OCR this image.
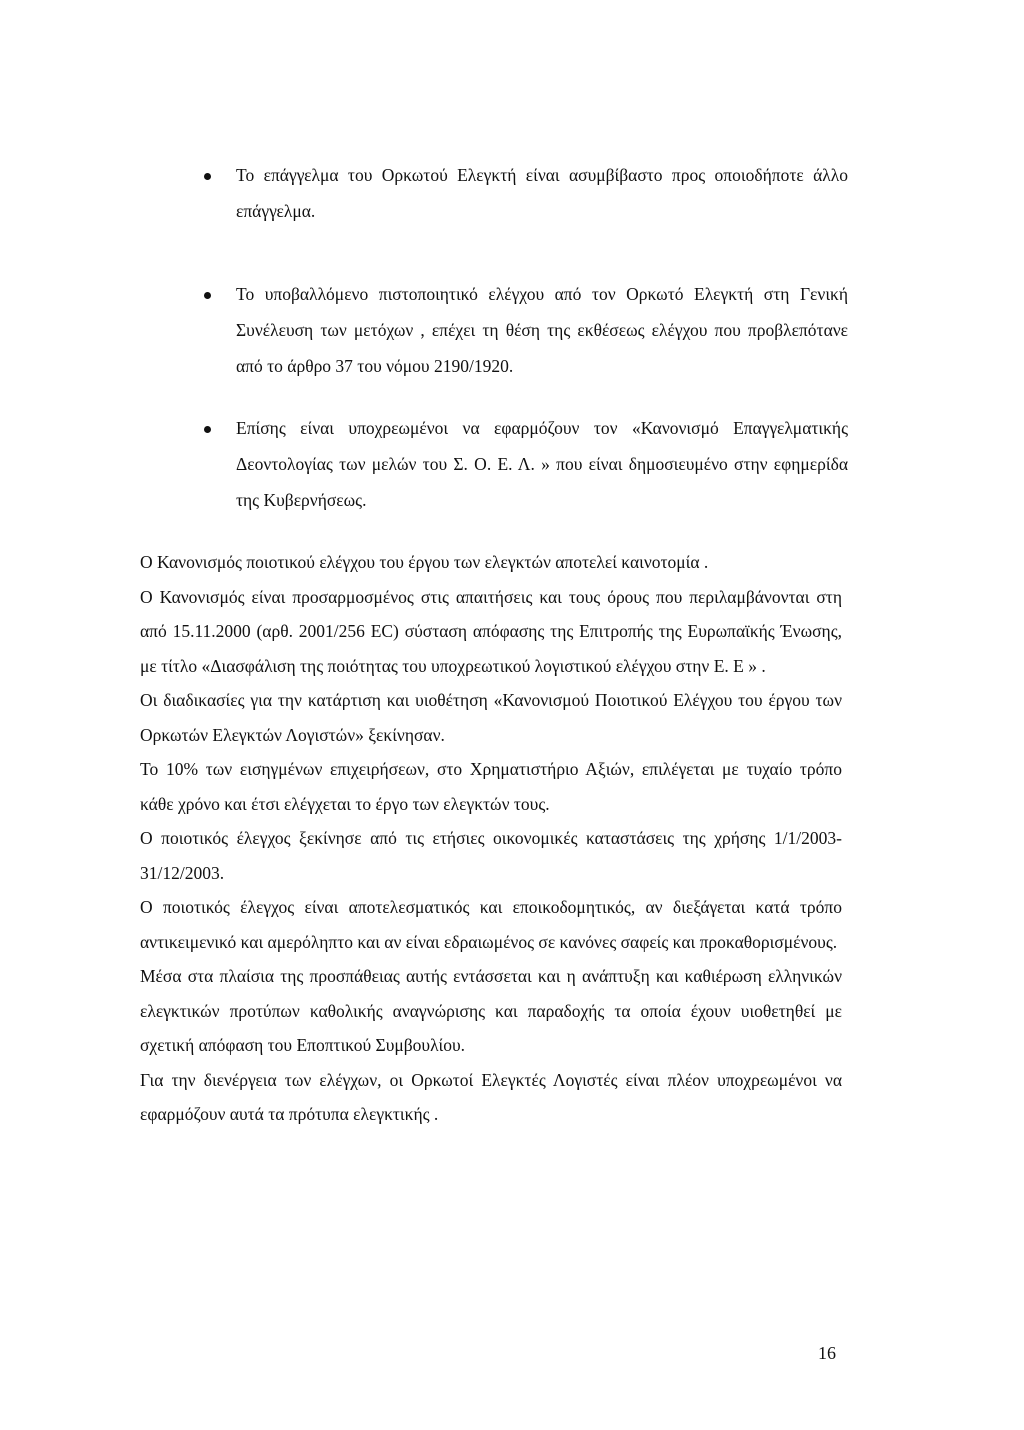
Το επάγγελμα του Ορκωτού Ελεγκτή είναι ασυμβίβαστο προς οποιοδήποτε άλλο επάγγελμα.
Το υποβαλλόμενο πιστοποιητικό ελέγχου από τον Ορκωτό Ελεγκτή στη Γενική Συνέλευση των μετόχων , επέχει τη θέση της εκθέσεως ελέγχου που προβλεπότανε από το άρθρο 37 του νόμου 2190/1920.
Επίσης είναι υποχρεωμένοι να εφαρμόζουν τον «Κανονισμό Επαγγελματικής Δεοντολογίας των μελών του Σ. Ο. Ε. Λ. » που είναι δημοσιευμένο στην εφημερίδα της Κυβερνήσεως.

Ο Κανονισμός ποιοτικού ελέγχου του έργου των ελεγκτών αποτελεί καινοτομία .

Ο Κανονισμός είναι προσαρμοσμένος στις απαιτήσεις και τους όρους που περιλαμβάνονται στη από 15.11.2000 (αρθ. 2001/256 ΕC) σύσταση απόφασης της Επιτροπής της Ευρωπαϊκής Ένωσης, με τίτλο «Διασφάλιση της ποιότητας του υποχρεωτικού λογιστικού ελέγχου στην Ε. Ε » .

Οι διαδικασίες για την κατάρτιση και υιοθέτηση «Κανονισμού Ποιοτικού Ελέγχου του έργου των Ορκωτών Ελεγκτών Λογιστών» ξεκίνησαν.

Το 10% των εισηγμένων επιχειρήσεων, στο Χρηματιστήριο Αξιών, επιλέγεται με τυχαίο τρόπο κάθε χρόνο και έτσι ελέγχεται το έργο των ελεγκτών τους.

Ο ποιοτικός έλεγχος ξεκίνησε από τις ετήσιες οικονομικές καταστάσεις της χρήσης 1/1/2003-31/12/2003.

Ο ποιοτικός έλεγχος είναι αποτελεσματικός και εποικοδομητικός, αν διεξάγεται κατά τρόπο αντικειμενικό και αμερόληπτο και αν είναι εδραιωμένος σε κανόνες σαφείς και προκαθορισμένους.

Μέσα στα πλαίσια της προσπάθειας αυτής εντάσσεται και η ανάπτυξη και καθιέρωση ελληνικών ελεγκτικών προτύπων καθολικής αναγνώρισης και παραδοχής τα οποία έχουν υιοθετηθεί με σχετική απόφαση του Εποπτικού Συμβουλίου.

Για την διενέργεια των ελέγχων, οι Ορκωτοί Ελεγκτές Λογιστές είναι πλέον υποχρεωμένοι να εφαρμόζουν αυτά τα πρότυπα ελεγκτικής .

16
